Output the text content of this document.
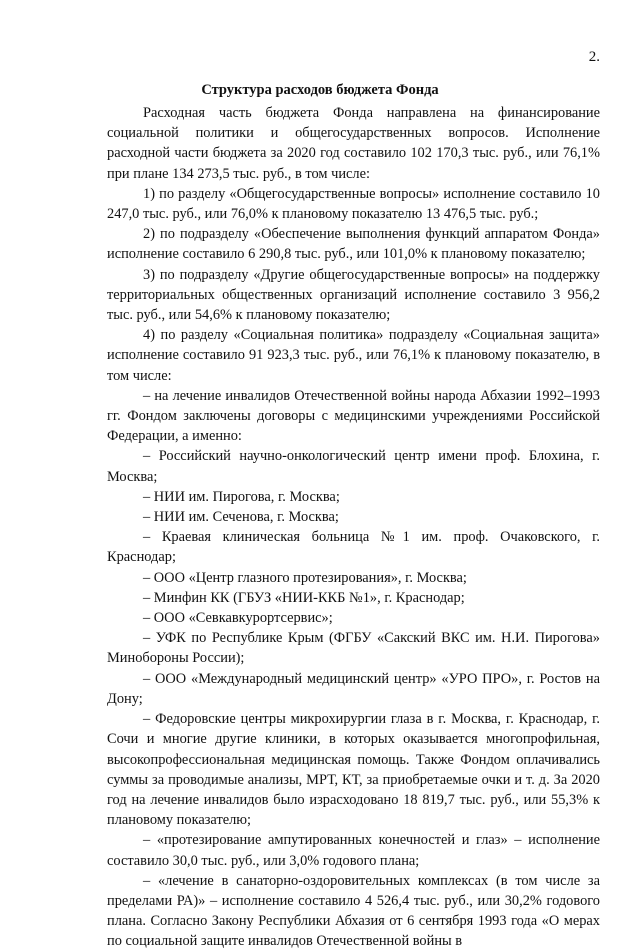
2.
Структура расходов бюджета Фонда

Расходная часть бюджета Фонда направлена на финансирование социальной политики и общегосударственных вопросов. Исполнение расходной части бюджета за 2020 год составило 102 170,3 тыс. руб., или 76,1% при плане 134 273,5 тыс. руб., в том числе:

1) по разделу «Общегосударственные вопросы» исполнение составило 10 247,0 тыс. руб., или 76,0% к плановому показателю 13 476,5 тыс. руб.;

2) по подразделу «Обеспечение выполнения функций аппаратом Фонда» исполнение составило 6 290,8 тыс. руб., или 101,0% к плановому показателю;

3) по подразделу «Другие общегосударственные вопросы» на поддержку территориальных общественных организаций исполнение составило 3 956,2 тыс. руб., или 54,6% к плановому показателю;

4) по разделу «Социальная политика» подразделу «Социальная защита» исполнение составило 91 923,3 тыс. руб., или 76,1% к плановому показателю, в том числе:

– на лечение инвалидов Отечественной войны народа Абхазии 1992–1993 гг. Фондом заключены договоры с медицинскими учреждениями Российской Федерации, а именно:

– Российский научно-онкологический центр имени проф. Блохина, г. Москва;

– НИИ им. Пирогова, г. Москва;

– НИИ им. Сеченова, г. Москва;

– Краевая клиническая больница №1 им. проф. Очаковского, г. Краснодар;

– ООО «Центр глазного протезирования», г. Москва;

– Минфин КК (ГБУЗ «НИИ-ККБ №1», г. Краснодар;

– ООО «Севкавкурортсервис»;

– УФК по Республике Крым (ФГБУ «Сакский ВКС им. Н.И. Пирогова» Минобороны России);

– ООО «Международный медицинский центр» «УРО ПРО», г. Ростов на Дону;

– Федоровские центры микрохирургии глаза в г. Москва, г. Краснодар, г. Сочи и многие другие клиники, в которых оказывается многопрофильная, высокопрофессиональная медицинская помощь. Также Фондом оплачивались суммы за проводимые анализы, МРТ, КТ, за приобретаемые очки и т. д. За 2020 год на лечение инвалидов было израсходовано 18 819,7 тыс. руб., или 55,3% к плановому показателю;

– «протезирование ампутированных конечностей и глаз» – исполнение составило 30,0 тыс. руб., или 3,0% годового плана;

– «лечение в санаторно-оздоровительных комплексах (в том числе за пределами РА)» – исполнение составило 4 526,4 тыс. руб., или 30,2% годового плана. Согласно Закону Республики Абхазия от 6 сентября 1993 года «О мерах по социальной защите инвалидов Отечественной войны в
